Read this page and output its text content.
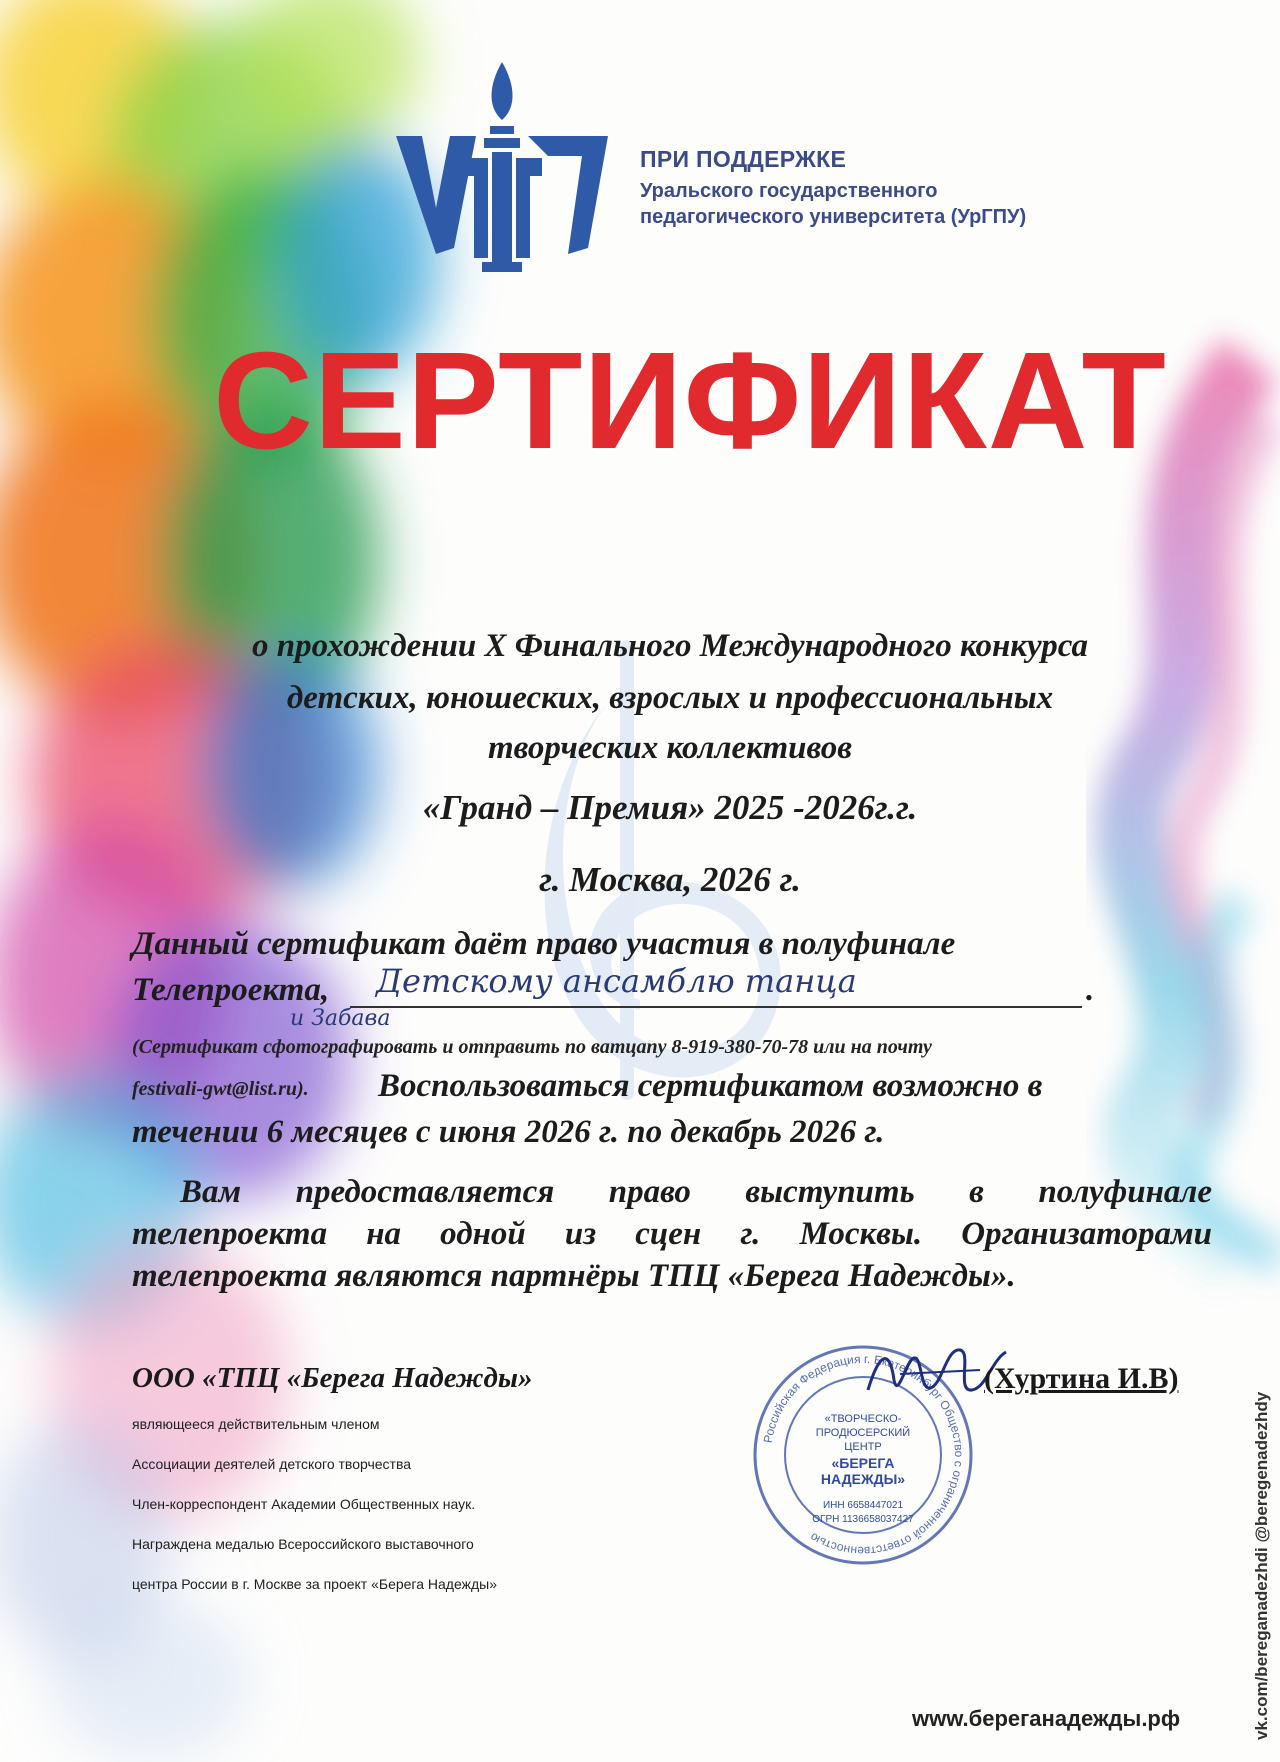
ПРИ ПОДДЕРЖКЕ
Уральского государственного
педагогического университета (УрГПУ)
СЕРТИФИКАТ
о прохождении Х Финального Международного конкурса
детских, юношеских, взрослых и профессиональных
творческих коллективов
«Гранд – Премия» 2025 -2026г.г.
г. Москва, 2026 г.
Данный сертификат даёт право участия в полуфинале
Телепроекта, Детскому ансамблю танца	.
и Забава
(Сертификат сфотографировать и отправить по ватцапу 8-919-380-70-78 или на почту
festivali-gwt@list.ru). Воспользоваться сертификатом возможно в
течении 6 месяцев с июня 2026 г. по декабрь 2026 г.
Вам предоставляется право выступить в полуфинале
телепроекта на одной из сцен г. Москвы. Организаторами
телепроекта являются партнёры ТПЦ «Берега Надежды».
ООО «ТПЦ «Берега Надежды»
являющееся действительным членом
Ассоциации деятелей детского творчества
Член-корреспондент Академии Общественных наук.
Награждена медалью Всероссийского выставочного
центра России в г. Москве за проект «Берега Надежды»
Российская Федерация г. Екатеринбург Общество с ограниченной ответственностью
«ТВОРЧЕСКО-
ПРОДЮСЕРСКИЙ
ЦЕНТР
«БЕРЕГА
НАДЕЖДЫ»
ИНН 6658447021
ОГРН 1136658037427
(Хуртина И.В)
www.береганадежды.рф	vk.com/bereganadezhdi @beregenadezhdy
